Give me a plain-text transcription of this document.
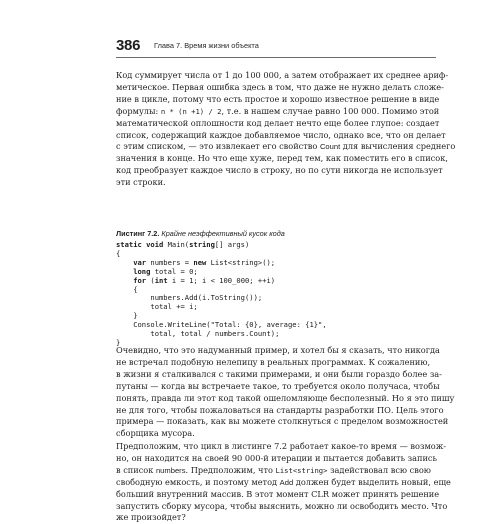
386 Глава 7. Время жизни объекта
Код суммирует числа от 1 до 100 000, а затем отображает их среднее ариф-
метическое. Первая ошибка здесь в том, что даже не нужно делать сложе-
ние в цикле, потому что есть простое и хорошо известное решение в виде
формулы: n * (n +1) / 2, т.е. в нашем случае равно 100 000. Помимо этой
математической оплошности код делает нечто еще более глупое: создает
список, содержащий каждое добавляемое число, однако все, что он делает
с этим списком, — это извлекает его свойство Count для вычисления среднего
значения в конце. Но что еще хуже, перед тем, как поместить его в список,
код преобразует каждое число в строку, но по сути никогда не использует
эти строки.
Листинг 7.2. Крайне неэффективный кусок кода
static void Main(string[] args)
{
var numbers = new List<string>();
long total = 0;
for (int i = 1; i < 100_000; ++i)
{
numbers.Add(i.ToString());
total += i;
}
Console.WriteLine("Total: {0}, average: {1}",
total, total / numbers.Count);
}
Очевидно, что это надуманный пример, и хотел бы я сказать, что никогда
не встречал подобную нелепицу в реальных программах. К сожалению,
в жизни я сталкивался с такими примерами, и они были гораздо более за-
путаны — когда вы встречаете такое, то требуется около получаса, чтобы
понять, правда ли этот код такой ошеломляюще бесполезный. Но я это пишу
не для того, чтобы пожаловаться на стандарты разработки ПО. Цель этого
примера — показать, как вы можете столкнуться с пределом возможностей
сборщика мусора.
Предположим, что цикл в листинге 7.2 работает какое-то время — возмож-
но, он находится на своей 90 000-й итерации и пытается добавить запись
в список numbers. Предположим, что List<string> задействовал всю свою
свободную емкость, и поэтому метод Add должен будет выделить новый, еще
больший внутренний массив. В этот момент CLR может принять решение
запустить сборку мусора, чтобы выяснить, можно ли освободить место. Что
же произойдет?
